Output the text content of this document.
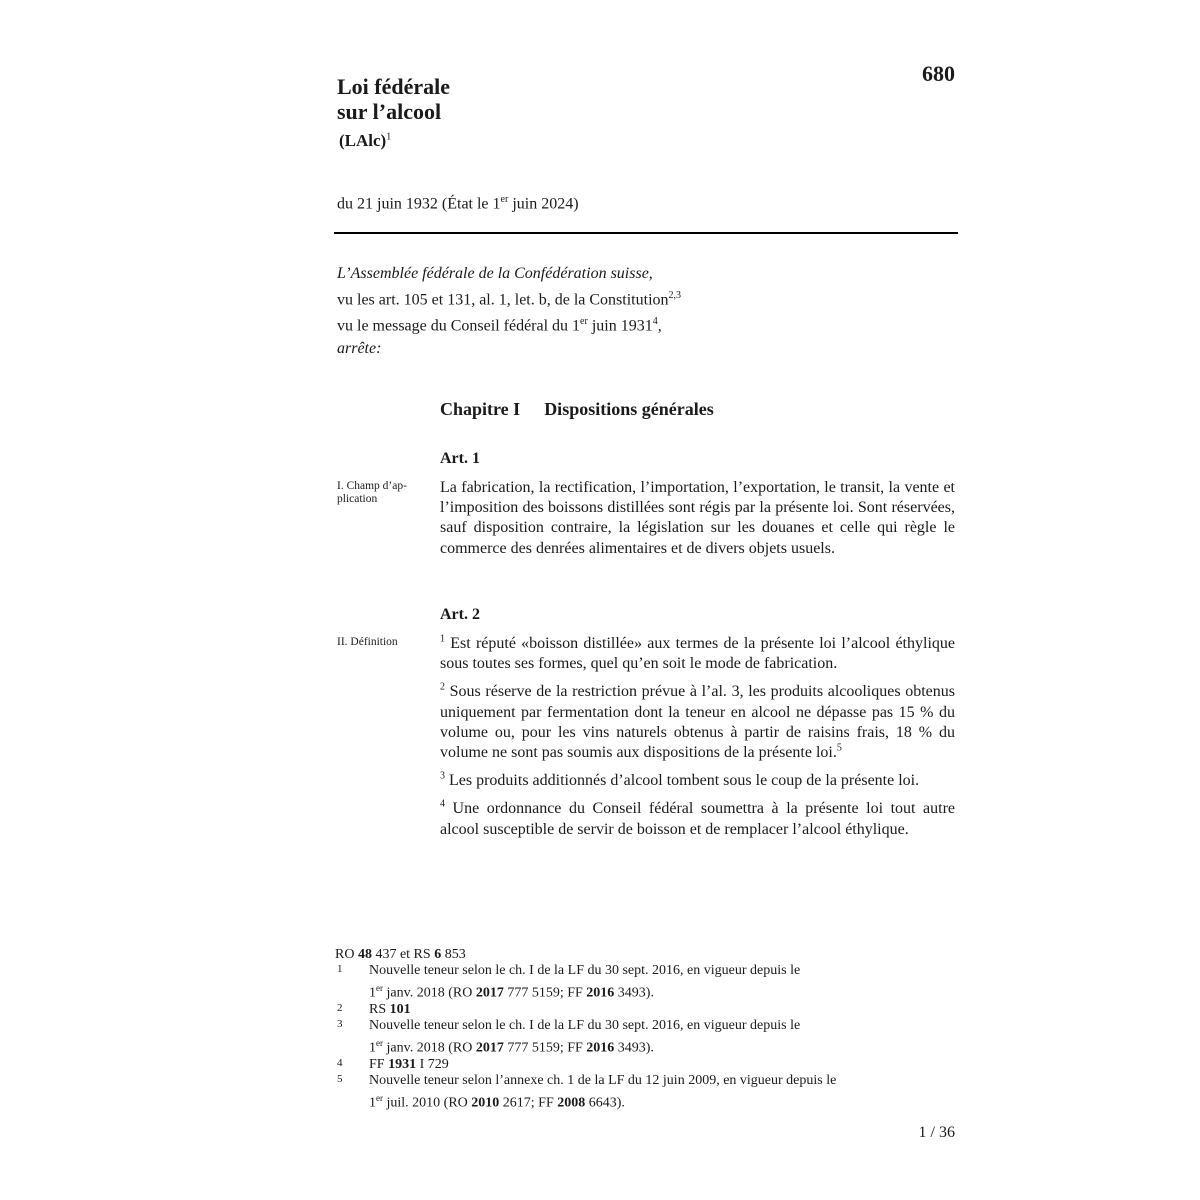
Loi fédérale
sur l’alcool
(LAlc)$^1$
680
du 21 juin 1932 (État le 1er juin 2024)
L’Assemblée fédérale de la Confédération suisse,
vu les art. 105 et 131, al. 1, let. b, de la Constitution$^{2,3}$
vu le message du Conseil fédéral du 1er juin 1931$^4$,
arrête:
Chapitre I Dispositions générales
Art. 1
I. Champ d’ap-
plication
La fabrication, la rectification, l’importation, l’exportation, le transit, la vente et l’imposition des boissons distillées sont régis par la présente loi. Sont réservées, sauf disposition contraire, la législation sur les douanes et celle qui règle le commerce des denrées alimentaires et de divers objets usuels.
Art. 2
II. Définition	$^1$ Est réputé «boisson distillée» aux termes de la présente loi l’alcool éthylique sous toutes ses formes, quel qu’en soit le mode de fabrication.

$^2$ Sous réserve de la restriction prévue à l’al. 3, les produits alcooliques obtenus uniquement par fermentation dont la teneur en alcool ne dépasse pas 15 % du volume ou, pour les vins naturels obtenus à partir de raisins frais, 18 % du volume ne sont pas soumis aux dispositions de la présente loi.$^5$

$^3$ Les produits additionnés d’alcool tombent sous le coup de la présente loi.

$^4$ Une ordonnance du Conseil fédéral soumettra à la présente loi tout autre alcool susceptible de servir de boisson et de remplacer l’alcool éthylique.

RO 48 437 et RS 6 853
1 Nouvelle teneur selon le ch. I de la LF du 30 sept. 2016, en vigueur depuis le
1er janv. 2018 (RO 2017 777 5159; FF 2016 3493).
2 RS 101
3 Nouvelle teneur selon le ch. I de la LF du 30 sept. 2016, en vigueur depuis le
1er janv. 2018 (RO 2017 777 5159; FF 2016 3493).
4 FF 1931 I 729
5 Nouvelle teneur selon l’annexe ch. 1 de la LF du 12 juin 2009, en vigueur depuis le
1er juil. 2010 (RO 2010 2617; FF 2008 6643).
1 / 36
